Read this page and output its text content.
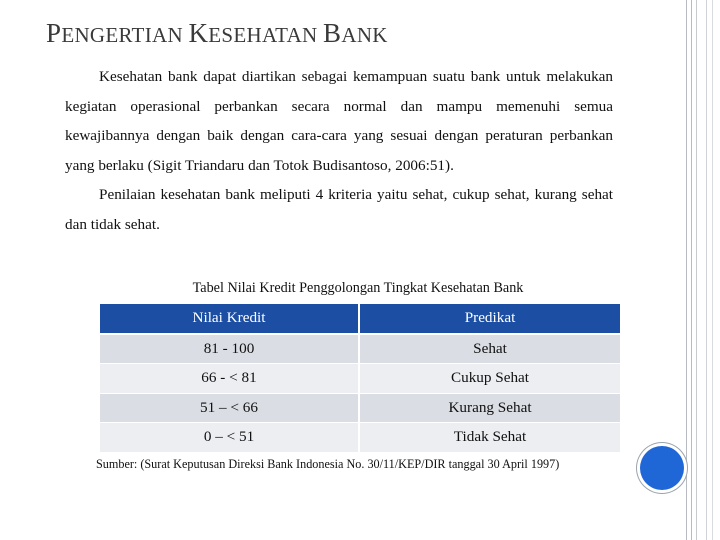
PENGERTIAN KESEHATAN BANK

Kesehatan bank dapat diartikan sebagai kemampuan suatu bank untuk melakukan kegiatan operasional perbankan secara normal dan mampu memenuhi semua kewajibannya dengan baik dengan cara-cara yang sesuai dengan peraturan perbankan yang berlaku (Sigit Triandaru dan Totok Budisantoso, 2006:51).

Penilaian kesehatan bank meliputi 4 kriteria yaitu sehat, cukup sehat, kurang sehat dan tidak sehat.

Tabel Nilai Kredit Penggolongan Tingkat Kesehatan Bank
Nilai Kredit	Predikat
81 - 100	Sehat
66 - < 81	Cukup Sehat
51 – < 66	Kurang Sehat
0 – < 51	Tidak Sehat
Sumber: (Surat Keputusan Direksi Bank Indonesia No. 30/11/KEP/DIR tanggal 30 April 1997)
